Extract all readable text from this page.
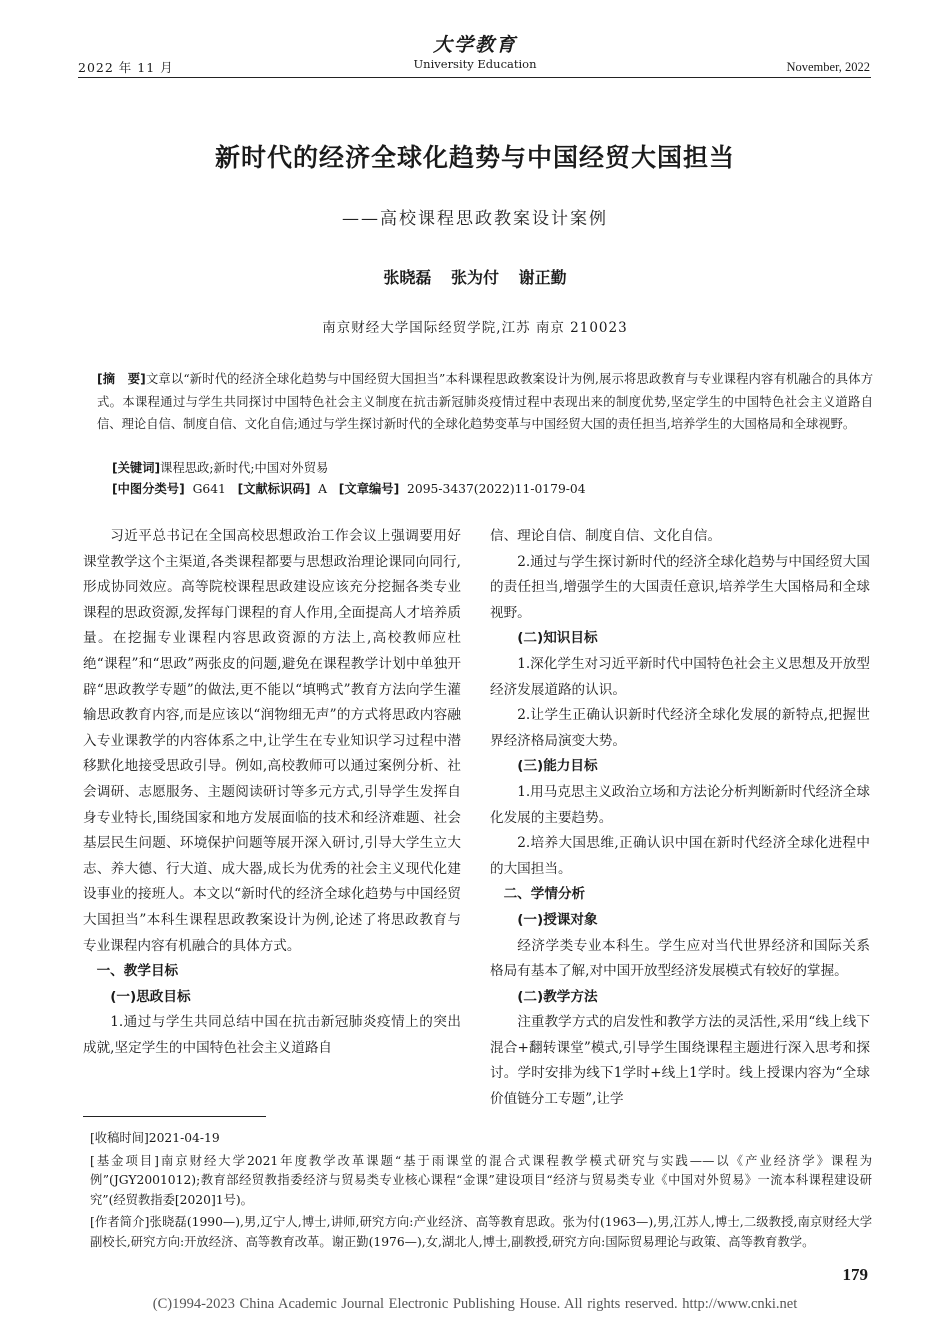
2022 年 11 月
大学教育
University Education	November, 2022
新时代的经济全球化趋势与中国经贸大国担当
——高校课程思政教案设计案例
张晓磊 张为付 谢正勤
南京财经大学国际经贸学院,江苏 南京 210023
[摘　要]文章以“新时代的经济全球化趋势与中国经贸大国担当”本科课程思政教案设计为例,展示将思政教育与专业课程内容有机融合的具体方式。本课程通过与学生共同探讨中国特色社会主义制度在抗击新冠肺炎疫情过程中表现出来的制度优势,坚定学生的中国特色社会主义道路自信、理论自信、制度自信、文化自信;通过与学生探讨新时代的全球化趋势变革与中国经贸大国的责任担当,培养学生的大国格局和全球视野。
[关键词]课程思政;新时代;中国对外贸易
[中图分类号] G641 [文献标识码] A [文章编号] 2095-3437(2022)11-0179-04

习近平总书记在全国高校思想政治工作会议上强调要用好课堂教学这个主渠道,各类课程都要与思想政治理论课同向同行,形成协同效应。高等院校课程思政建设应该充分挖掘各类专业课程的思政资源,发挥每门课程的育人作用,全面提高人才培养质量。在挖掘专业课程内容思政资源的方法上,高校教师应杜绝“课程”和“思政”两张皮的问题,避免在课程教学计划中单独开辟“思政教学专题”的做法,更不能以“填鸭式”教育方法向学生灌输思政教育内容,而是应该以“润物细无声”的方式将思政内容融入专业课教学的内容体系之中,让学生在专业知识学习过程中潜移默化地接受思政引导。例如,高校教师可以通过案例分析、社会调研、志愿服务、主题阅读研讨等多元方式,引导学生发挥自身专业特长,围绕国家和地方发展面临的技术和经济难题、社会基层民生问题、环境保护问题等展开深入研讨,引导大学生立大志、养大德、行大道、成大器,成长为优秀的社会主义现代化建设事业的接班人。本文以“新时代的经济全球化趋势与中国经贸大国担当”本科生课程思政教案设计为例,论述了将思政教育与专业课程内容有机融合的具体方式。

一、教学目标

(一)思政目标

1.通过与学生共同总结中国在抗击新冠肺炎疫情上的突出成就,坚定学生的中国特色社会主义道路自

信、理论自信、制度自信、文化自信。

2.通过与学生探讨新时代的经济全球化趋势与中国经贸大国的责任担当,增强学生的大国责任意识,培养学生大国格局和全球视野。

(二)知识目标

1.深化学生对习近平新时代中国特色社会主义思想及开放型经济发展道路的认识。

2.让学生正确认识新时代经济全球化发展的新特点,把握世界经济格局演变大势。

(三)能力目标

1.用马克思主义政治立场和方法论分析判断新时代经济全球化发展的主要趋势。

2.培养大国思维,正确认识中国在新时代经济全球化进程中的大国担当。

二、学情分析

(一)授课对象

经济学类专业本科生。学生应对当代世界经济和国际关系格局有基本了解,对中国开放型经济发展模式有较好的掌握。

(二)教学方法

注重教学方式的启发性和教学方法的灵活性,采用“线上线下混合+翻转课堂”模式,引导学生围绕课程主题进行深入思考和探讨。学时安排为线下1学时+线上1学时。线上授课内容为“全球价值链分工专题”,让学

[收稿时间]2021-04-19

[基金项目]南京财经大学2021年度教学改革课题“基于雨课堂的混合式课程教学模式研究与实践——以《产业经济学》课程为例”(JGY2001012);教育部经贸教指委经济与贸易类专业核心课程“金课”建设项目“经济与贸易类专业《中国对外贸易》一流本科课程建设研究”(经贸教指委[2020]1号)。

[作者简介]张晓磊(1990—),男,辽宁人,博士,讲师,研究方向:产业经济、高等教育思政。张为付(1963—),男,江苏人,博士,二级教授,南京财经大学副校长,研究方向:开放经济、高等教育改革。谢正勤(1976—),女,湖北人,博士,副教授,研究方向:国际贸易理论与政策、高等教育教学。

179
(C)1994-2023 China Academic Journal Electronic Publishing House. All rights reserved. http://www.cnki.net
